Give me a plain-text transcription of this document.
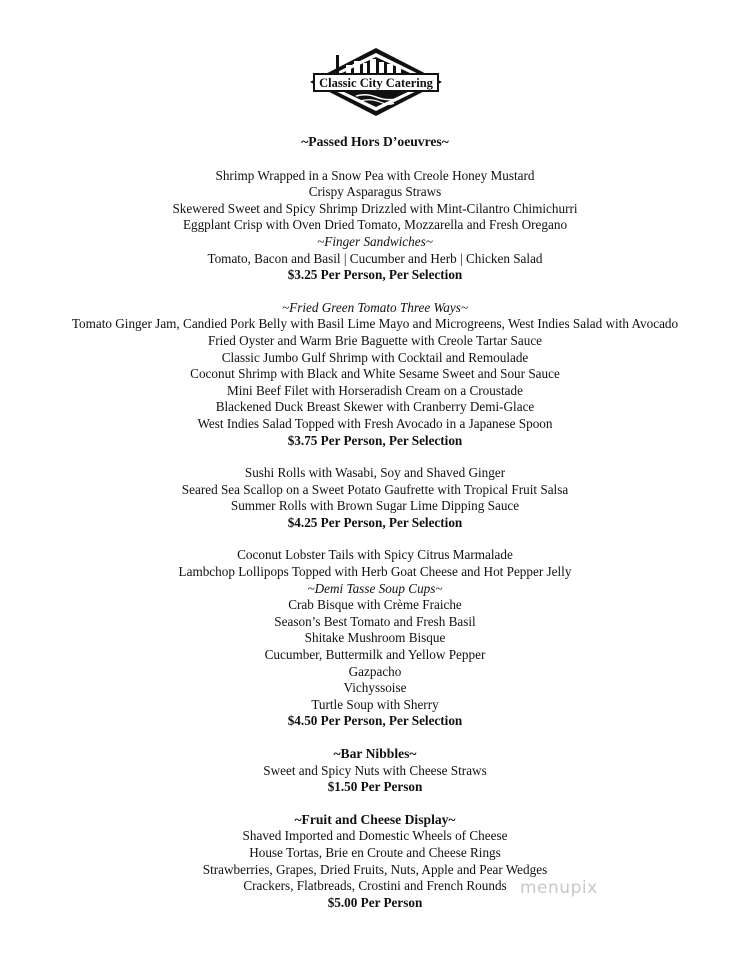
Classic City Catering

~Passed Hors D’oeuvres~

Shrimp Wrapped in a Snow Pea with Creole Honey Mustard

Crispy Asparagus Straws

Skewered Sweet and Spicy Shrimp Drizzled with Mint-Cilantro Chimichurri

Eggplant Crisp with Oven Dried Tomato, Mozzarella and Fresh Oregano

~Finger Sandwiches~

Tomato, Bacon and Basil | Cucumber and Herb | Chicken Salad

$3.25 Per Person, Per Selection

~Fried Green Tomato Three Ways~

Tomato Ginger Jam, Candied Pork Belly with Basil Lime Mayo and Microgreens, West Indies Salad with Avocado

Fried Oyster and Warm Brie Baguette with Creole Tartar Sauce

Classic Jumbo Gulf Shrimp with Cocktail and Remoulade

Coconut Shrimp with Black and White Sesame Sweet and Sour Sauce

Mini Beef Filet with Horseradish Cream on a Croustade

Blackened Duck Breast Skewer with Cranberry Demi-Glace

West Indies Salad Topped with Fresh Avocado in a Japanese Spoon

$3.75 Per Person, Per Selection

Sushi Rolls with Wasabi, Soy and Shaved Ginger

Seared Sea Scallop on a Sweet Potato Gaufrette with Tropical Fruit Salsa

Summer Rolls with Brown Sugar Lime Dipping Sauce

$4.25 Per Person, Per Selection

Coconut Lobster Tails with Spicy Citrus Marmalade

Lambchop Lollipops Topped with Herb Goat Cheese and Hot Pepper Jelly

~Demi Tasse Soup Cups~

Crab Bisque with Crème Fraiche

Season’s Best Tomato and Fresh Basil

Shitake Mushroom Bisque

Cucumber, Buttermilk and Yellow Pepper

Gazpacho

Vichyssoise

Turtle Soup with Sherry

$4.50 Per Person, Per Selection

~Bar Nibbles~

Sweet and Spicy Nuts with Cheese Straws

$1.50 Per Person

~Fruit and Cheese Display~

Shaved Imported and Domestic Wheels of Cheese

House Tortas, Brie en Croute and Cheese Rings

Strawberries, Grapes, Dried Fruits, Nuts, Apple and Pear Wedges

Crackers, Flatbreads, Crostini and French Rounds

$5.00 Per Person

menupix
